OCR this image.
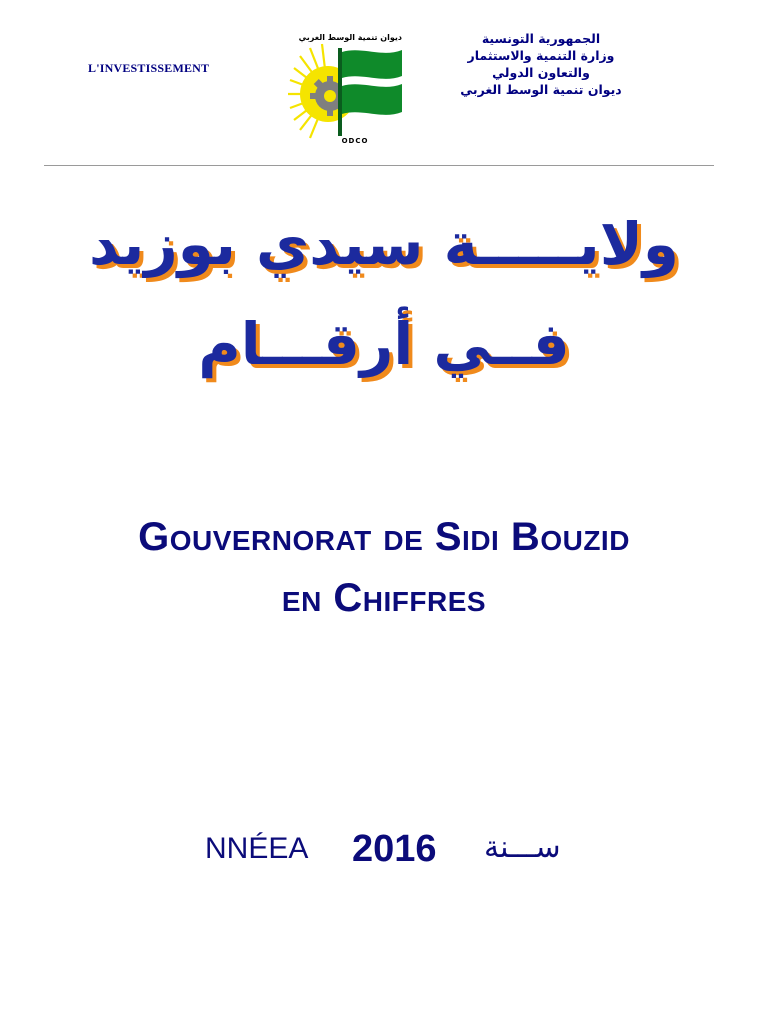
L'INVESTISSEMENT
ديوان تنمية الوسط الغربي
ODCO
الجمهورية التونسية
وزارة التنمية والاستثمار
والتعاون الدولي
ديوان تنمية الوسط الغربي
ولايـــــة سيدي بوزيد
فــي أرقـــام
Gouvernorat de Sidi Bouzid
en Chiffres
NNÉEA 2016 ســـنة
